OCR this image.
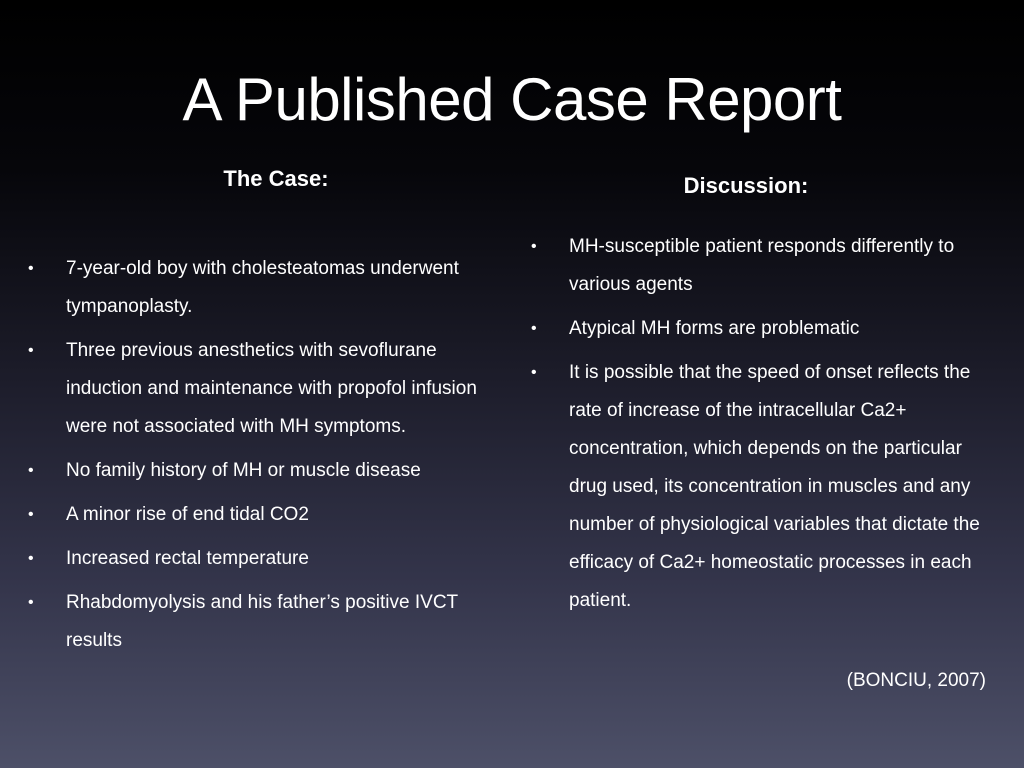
A Published Case Report
The Case:	Discussion:
•	7-year-old boy with cholesteatomas underwent tympanoplasty.
•	Three previous anesthetics with sevoflurane induction and maintenance with propofol infusion were not associated with MH symptoms.
•	No family history of MH or muscle disease
•	A minor rise of end tidal CO2
•	Increased rectal temperature
•	Rhabdomyolysis and his father’s positive IVCT results
•	MH-susceptible patient responds differently to various agents
•	Atypical MH forms are problematic
•	It is possible that the speed of onset reflects the rate of increase of the intracellular Ca2+ concentration, which depends on the particular drug used, its concentration in muscles and any number of physiological variables that dictate the efficacy of Ca2+ homeostatic processes in each patient.
(BONCIU, 2007)
